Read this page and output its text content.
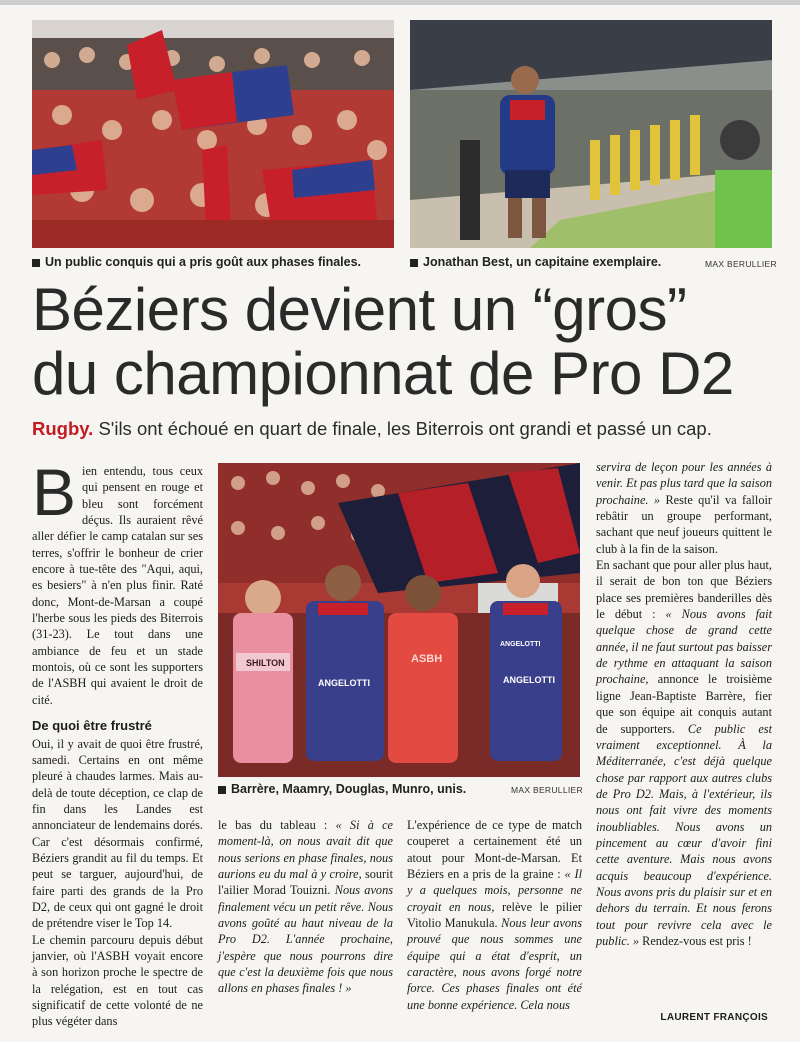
Un public conquis qui a pris goût aux phases finales.	Jonathan Best, un capitaine exemplaire.	MAX BERULLIER
Béziers devient un “gros”
du championnat de Pro D2
Rugby. S'ils ont échoué en quart de finale, les Biterrois ont grandi et passé un cap.

Bien entendu, tous ceux qui pensent en rouge et bleu sont forcément déçus. Ils auraient rêvé aller défier le camp catalan sur ses terres, s'offrir le bonheur de crier encore à tue-tête des "Aqui, aqui, es besiers" à n'en plus finir. Raté donc, Mont-de-Marsan a coupé l'herbe sous les pieds des Biterrois (31-23). Le tout dans une ambiance de feu et un stade montois, où ce sont les supporters de l'ASBH qui avaient le droit de cité.

De quoi être frustré

Oui, il y avait de quoi être frustré, samedi. Certains en ont même pleuré à chaudes larmes. Mais au-delà de toute déception, ce clap de fin dans les Landes est annonciateur de lendemains dorés. Car c'est désormais confirmé, Béziers grandit au fil du temps. Et peut se targuer, aujourd'hui, de faire parti des grands de la Pro D2, de ceux qui ont gagné le droit de prétendre viser le Top 14.

Le chemin parcouru depuis début janvier, où l'ASBH voyait encore à son horizon proche le spectre de la relégation, est en tout cas significatif de cette volonté de ne plus végéter dans

SHILTON
ANGELOTTI
ASBH
ANGELOTTI
ANGELOTTI
Barrère, Maamry, Douglas, Munro, unis.	MAX BERULLIER

le bas du tableau : « Si à ce moment-là, on nous avait dit que nous serions en phase finales, nous aurions eu du mal à y croire, sourit l'ailier Morad Touizni. Nous avons finalement vécu un petit rêve. Nous avons goûté au haut niveau de la Pro D2. L'année prochaine, j'espère que nous pourrons dire que c'est la deuxième fois que nous allons en phases finales ! »

L'expérience de ce type de match couperet a certainement été un atout pour Mont-de-Marsan. Et Béziers en a pris de la graine : « Il y a quelques mois, personne ne croyait en nous, relève le pilier Vitolio Manukula. Nous leur avons prouvé que nous sommes une équipe qui a état d'esprit, un caractère, nous avons forgé notre force. Ces phases finales ont été une bonne expérience. Cela nous

servira de leçon pour les années à venir. Et pas plus tard que la saison prochaine. » Reste qu'il va falloir rebâtir un groupe performant, sachant que neuf joueurs quittent le club à la fin de la saison.

En sachant que pour aller plus haut, il serait de bon ton que Béziers place ses premières banderilles dès le début : « Nous avons fait quelque chose de grand cette année, il ne faut surtout pas baisser de rythme en attaquant la saison prochaine, annonce le troisième ligne Jean-Baptiste Barrère, fier que son équipe ait conquis autant de supporters. Ce public est vraiment exceptionnel. À la Méditerranée, c'est déjà quelque chose par rapport aux autres clubs de Pro D2. Mais, à l'extérieur, ils nous ont fait vivre des moments inoubliables. Nous avons un pincement au cœur d'avoir fini cette aventure. Mais nous avons acquis beaucoup d'expérience. Nous avons pris du plaisir sur et en dehors du terrain. Et nous ferons tout pour revivre cela avec le public. » Rendez-vous est pris !

LAURENT FRANÇOIS
